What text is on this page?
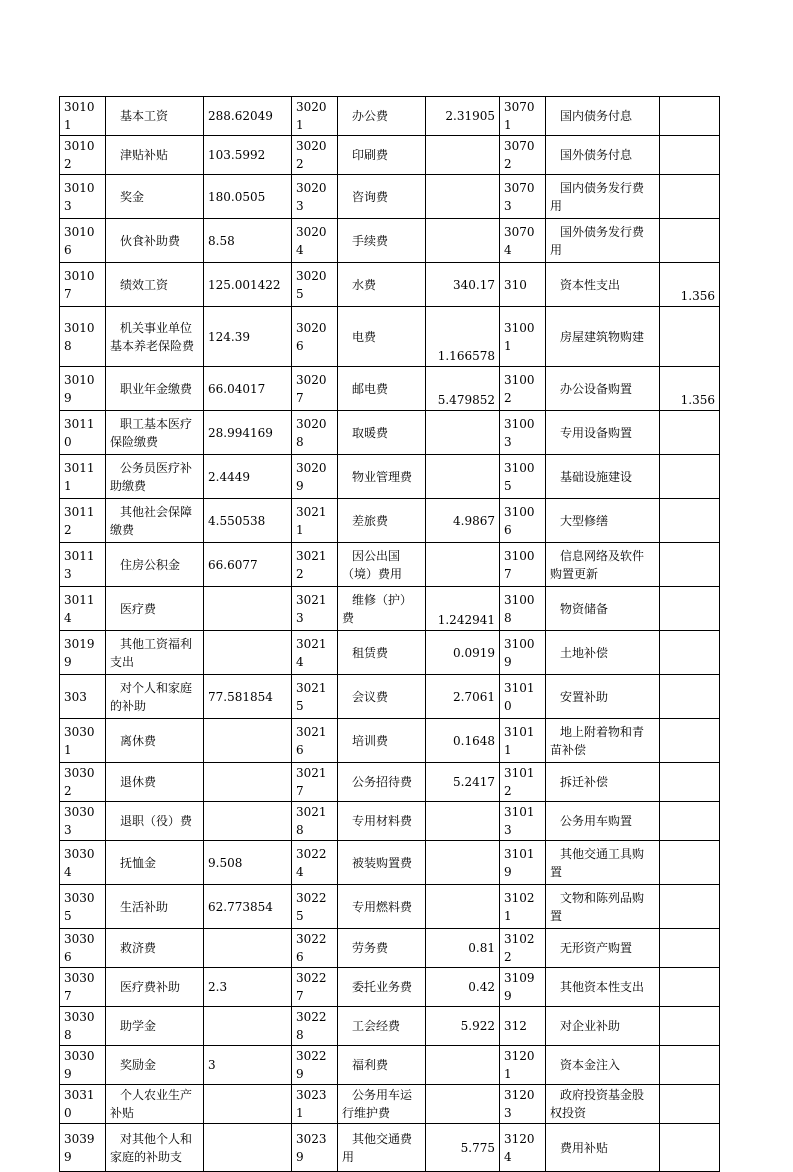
30101	基本工资	288.62049	30201	办公费	2.31905	30701	国内债务付息	
30102	津贴补贴	103.5992	30202	印刷费		30702	国外债务付息	
30103	奖金	180.0505	30203	咨询费		30703	国内债务发行费用	
30106	伙食补助费	8.58	30204	手续费		30704	国外债务发行费用	
30107	绩效工资	125.001422	30205	水费	340.17	310	资本性支出	1.356
30108	机关事业单位基本养老保险费	124.39	30206	电费	1.166578	31001	房屋建筑物购建	
30109	职业年金缴费	66.04017	30207	邮电费	5.479852	31002	办公设备购置	1.356
30110	职工基本医疗保险缴费	28.994169	30208	取暖费		31003	专用设备购置	
30111	公务员医疗补助缴费	2.4449	30209	物业管理费		31005	基础设施建设	
30112	其他社会保障缴费	4.550538	30211	差旅费	4.9867	31006	大型修缮	
30113	住房公积金	66.6077	30212	因公出国（境）费用		31007	信息网络及软件购置更新	
30114	医疗费		30213	维修（护）费	1.242941	31008	物资储备	
30199	其他工资福利支出		30214	租赁费	0.0919	31009	土地补偿	
303	对个人和家庭的补助	77.581854	30215	会议费	2.7061	31010	安置补助	
30301	离休费		30216	培训费	0.1648	31011	地上附着物和青苗补偿	
30302	退休费		30217	公务招待费	5.2417	31012	拆迁补偿	
30303	退职（役）费		30218	专用材料费		31013	公务用车购置	
30304	抚恤金	9.508	30224	被装购置费		31019	其他交通工具购置	
30305	生活补助	62.773854	30225	专用燃料费		31021	文物和陈列品购置	
30306	救济费		30226	劳务费	0.81	31022	无形资产购置	
30307	医疗费补助	2.3	30227	委托业务费	0.42	31099	其他资本性支出	
30308	助学金		30228	工会经费	5.922	312	对企业补助	
30309	奖励金	3	30229	福利费		31201	资本金注入	
30310	个人农业生产补贴		30231	公务用车运行维护费		31203	政府投资基金股权投资	
30399	对其他个人和家庭的补助支		30239	其他交通费用	5.775	31204	费用补贴	
